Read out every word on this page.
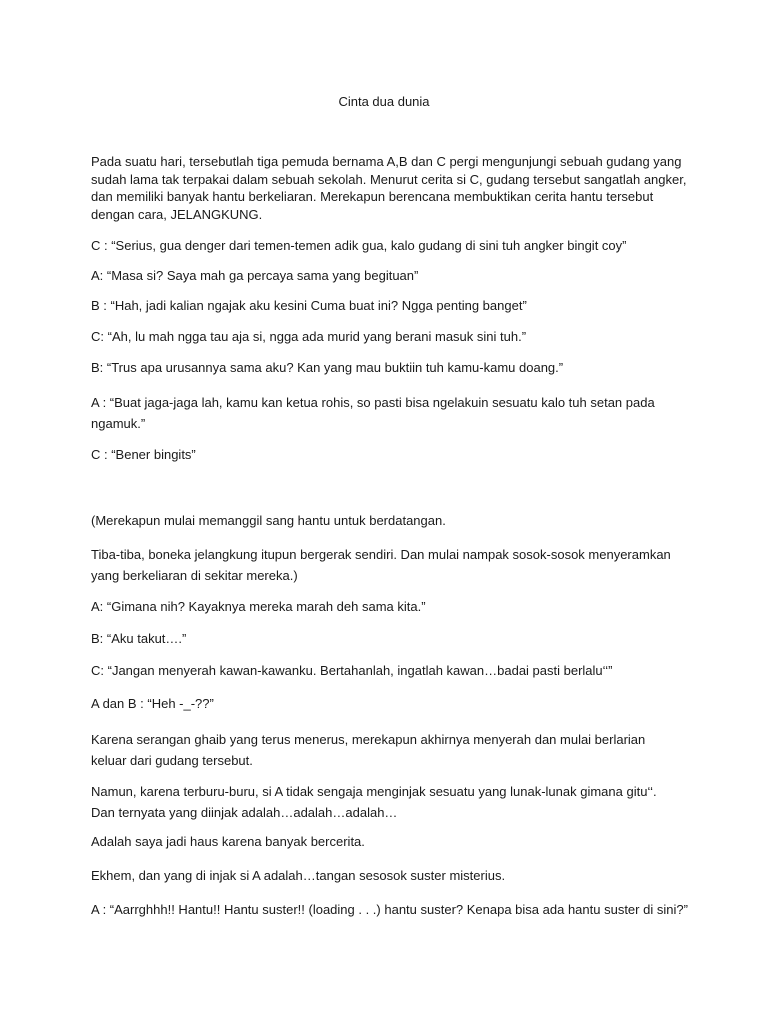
Cinta dua dunia

Pada suatu hari, tersebutlah tiga pemuda bernama A,B dan C pergi mengunjungi sebuah gudang yang sudah lama tak terpakai dalam sebuah sekolah. Menurut cerita si C, gudang tersebut sangatlah angker, dan memiliki banyak hantu berkeliaran. Merekapun berencana membuktikan cerita hantu tersebut dengan cara, JELANGKUNG.

C : “Serius, gua denger dari temen-temen adik gua, kalo gudang di sini tuh angker bingit coy”

A: “Masa si? Saya mah ga percaya sama yang begituan”

B : “Hah, jadi kalian ngajak aku kesini Cuma buat ini? Ngga penting banget”

C: “Ah, lu mah ngga tau aja si, ngga ada murid yang berani masuk sini tuh.”

B: “Trus apa urusannya sama aku? Kan yang mau buktiin tuh kamu-kamu doang.”

A : “Buat jaga-jaga lah, kamu kan ketua rohis, so pasti bisa ngelakuin sesuatu kalo tuh setan pada ngamuk.”

C : “Bener bingits”

(Merekapun mulai memanggil sang hantu untuk berdatangan.

Tiba-tiba, boneka jelangkung itupun bergerak sendiri. Dan mulai nampak sosok-sosok menyeramkan yang berkeliaran di sekitar mereka.)

A: “Gimana nih? Kayaknya mereka marah deh sama kita.”

B: “Aku takut….”

C: “Jangan menyerah kawan-kawanku. Bertahanlah, ingatlah kawan…badai pasti berlalu‘‘”

A dan B : “Heh -_-??”

Karena serangan ghaib yang terus menerus, merekapun akhirnya menyerah dan mulai berlarian keluar dari gudang tersebut.

Namun, karena terburu-buru, si A tidak sengaja menginjak sesuatu yang lunak-lunak gimana gitu‘‘. Dan ternyata yang diinjak adalah…adalah…adalah…

Adalah saya jadi haus karena banyak bercerita.

Ekhem, dan yang di injak si A adalah…tangan sesosok suster misterius.

A : “Aarrghhh!! Hantu!! Hantu suster!! (loading . . .) hantu suster? Kenapa bisa ada hantu suster di sini?”
